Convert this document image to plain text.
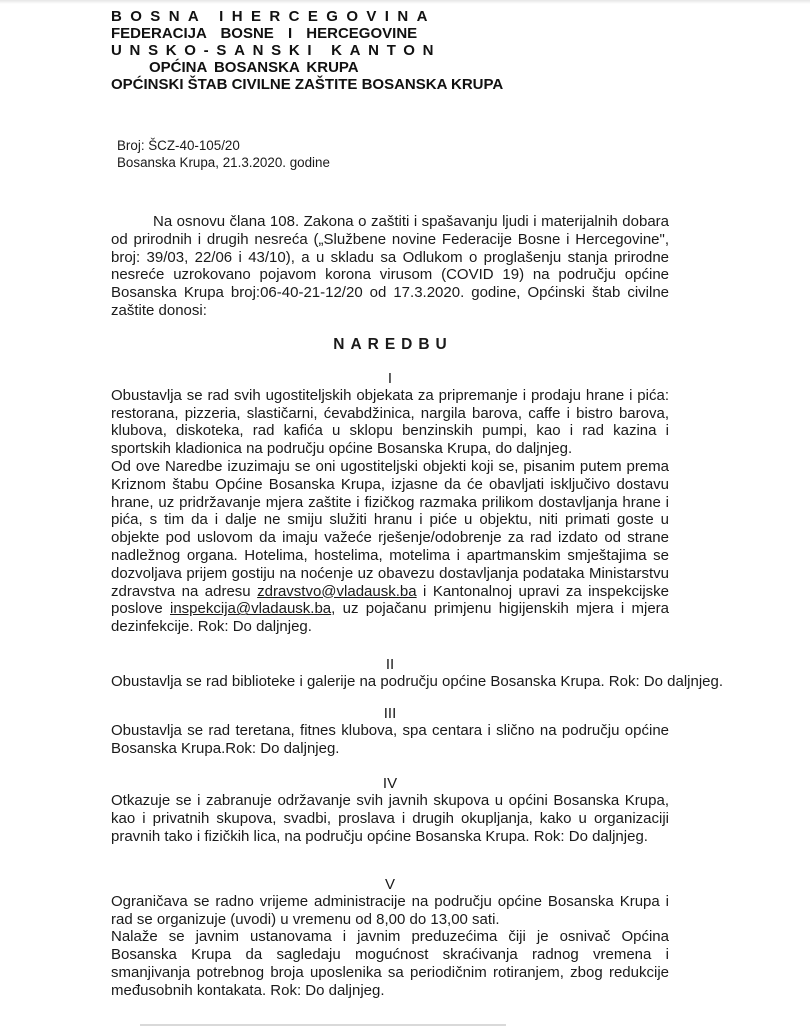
BOSNA IHERCEGOVINA
FEDERACIJA BOSNE I HERCEGOVINE
UNSKO-SANSKI KANTON
OPĆINA BOSANSKA KRUPA
OPĆINSKI ŠTAB CIVILNE ZAŠTITE BOSANSKA KRUPA
Broj: ŠCZ-40-105/20
Bosanska Krupa, 21.3.2020. godine

Na osnovu člana 108. Zakona o zaštiti i spašavanju ljudi i materijalnih dobara od prirodnih i drugih nesreća („Službene novine Federacije Bosne i Hercegovine", broj: 39/03, 22/06 i 43/10), a u skladu sa Odlukom o proglašenju stanja prirodne nesreće uzrokovano pojavom korona virusom (COVID 19) na području općine Bosanska Krupa broj:06-40-21-12/20 od 17.3.2020. godine, Općinski štab civilne zaštite donosi:

NAREDBU
I

Obustavlja se rad svih ugostiteljskih objekata za pripremanje i prodaju hrane i pića: restorana, pizzeria, slastičarni, ćevabdžinica, nargila barova, caffe i bistro barova, klubova, diskoteka, rad kafića u sklopu benzinskih pumpi, kao i rad kazina i sportskih kladionica na području općine Bosanska Krupa, do daljnjeg.

Od ove Naredbe izuzimaju se oni ugostiteljski objekti koji se, pisanim putem prema Kriznom štabu Općine Bosanska Krupa, izjasne da će obavljati isključivo dostavu hrane, uz pridržavanje mjera zaštite i fizičkog razmaka prilikom dostavljanja hrane i pića, s tim da i dalje ne smiju služiti hranu i piće u objektu, niti primati goste u objekte pod uslovom da imaju važeće rješenje/odobrenje za rad izdato od strane nadležnog organa. Hotelima, hostelima, motelima i apartmanskim smještajima se dozvoljava prijem gostiju na noćenje uz obavezu dostavljanja podataka Ministarstvu zdravstva na adresu zdravstvo@vladausk.ba i Kantonalnoj upravi za inspekcijske poslove inspekcija@vladausk.ba, uz pojačanu primjenu higijenskih mjera i mjera dezinfekcije. Rok: Do daljnjeg.

II

Obustavlja se rad biblioteke i galerije na području općine Bosanska Krupa. Rok: Do daljnjeg.

III

Obustavlja se rad teretana, fitnes klubova, spa centara i slično na području općine Bosanska Krupa.Rok: Do daljnjeg.

IV

Otkazuje se i zabranuje održavanje svih javnih skupova u općini Bosanska Krupa, kao i privatnih skupova, svadbi, proslava i drugih okupljanja, kako u organizaciji pravnih tako i fizičkih lica, na području općine Bosanska Krupa. Rok: Do daljnjeg.

V

Ograničava se radno vrijeme administracije na području općine Bosanska Krupa i rad se organizuje (uvodi) u vremenu od 8,00 do 13,00 sati.

Nalaže se javnim ustanovama i javnim preduzećima čiji je osnivač Općina Bosanska Krupa da sagledaju mogućnost skraćivanja radnog vremena i smanjivanja potrebnog broja uposlenika sa periodičnim rotiranjem, zbog redukcije međusobnih kontakata. Rok: Do daljnjeg.
